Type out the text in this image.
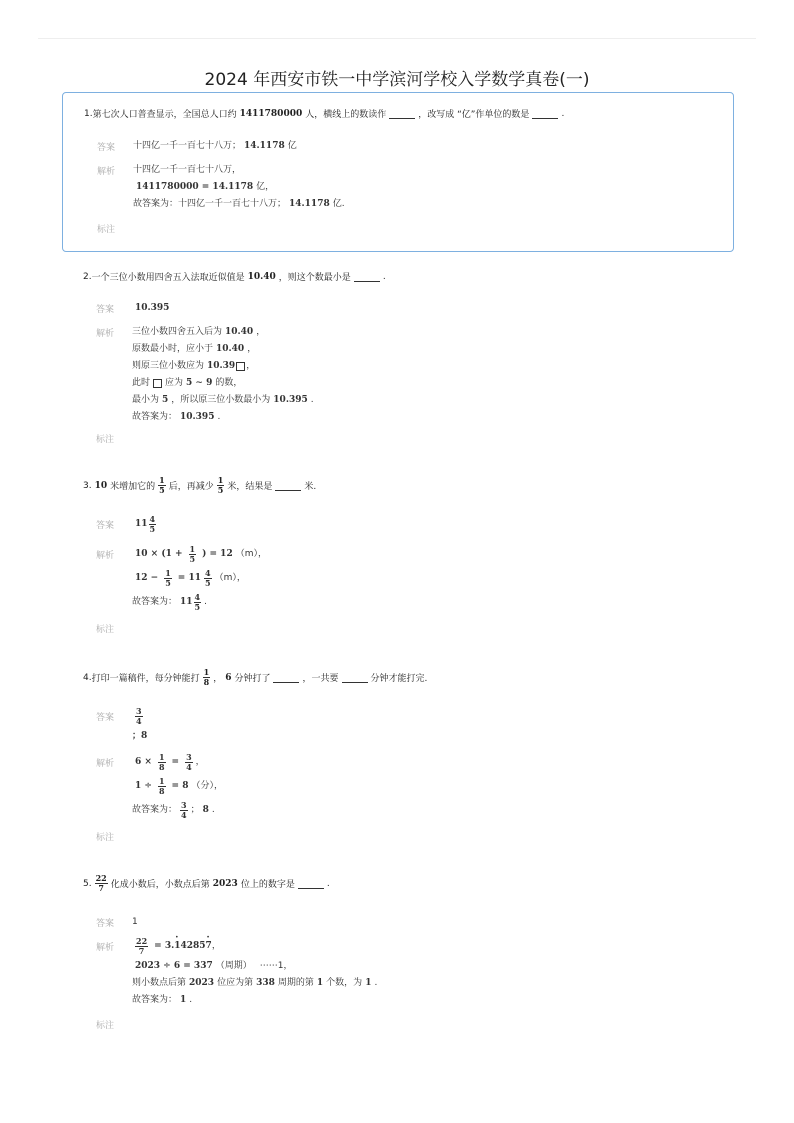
2024 年西安市铁一中学滨河学校入学数学真卷(一)
1. 第七次人口普查显示，全国总人口约 1411780000 人，横线上的数读作	，改写成 “亿”作单位的数是	.
答案 十四亿一千一百七十八万； 14.1178 亿
解析 十四亿一千一百七十八万，
1411780000 = 14.1178 亿，
故答案为：十四亿一千一百七十八万； 14.1178 亿.
标注
2. 一个三位小数用四舍五入法取近似值是 10.40 ，则这个数最小是	.
答案 10.395
解析 三位小数四舍五入后为 10.40 ，
原数最小时，应小于 10.40 ，
则原三位小数应为 10.39 ，
此时 应为 5 ∼ 9 的数，
最小为 5 ，所以原三位小数最小为 10.395 .
故答案为： 10.395 .
标注
3. 10 米增加它的 $\frac{1}{5}$ 后，再减少 $\frac{1}{5}$ 米，结果是	米.
答案 $11 \frac{4}{5}$
解析 $10 \times (1 + \frac{1}{5}$ ) = 12 （m），
$12 - \frac{1}{5} = 11 \frac{4}{5} (m)$，
故答案为： $11 \frac{4}{5}$ .
标注
4. 打印一篇稿件，每分钟能打 $\frac{1}{8}$ ， 6 分钟打了	，一共要	分钟才能打完.
答案	$\frac{3}{4}$
；8
解析 $6 \times \frac{1}{8} = \frac{3}{4}$ ，
$1 \div \frac{1}{8} = 8$ （分），
故答案为： $\frac{3}{4}$ ； 8 .
标注
5. $\frac{22}{7}$ 化成小数后，小数点后第 2023 位上的数字是	.
答案 1
解析	$\frac{22}{7} = 3$. · 1 4285 · 7 ，
2023 ÷ 6 = 337 （周期） ⋯⋯1，
则小数点后第 2023 位应为第 338 周期的第 1 个数，为 1 .
故答案为： 1 .
标注
